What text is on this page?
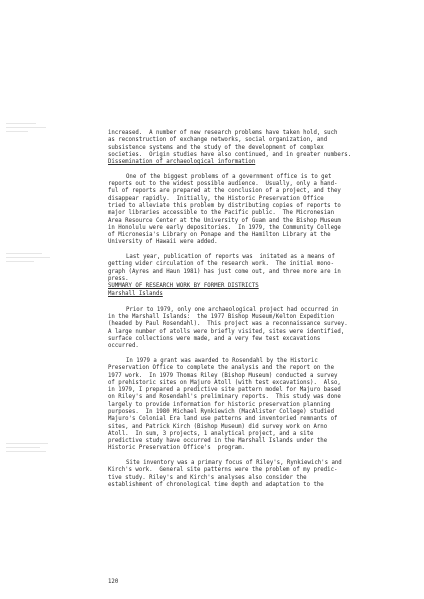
increased.  A number of new research problems have taken hold, such
as reconstruction of exchange networks, social organization, and
subsistence systems and the study of the development of complex
societies.  Origin studies have also continued, and in greater numbers.
Dissemination of archaeological information
One of the biggest problems of a government office is to get
reports out to the widest possible audience.  Usually, only a hand-
ful of reports are prepared at the conclusion of a project, and they
disappear rapidly.  Initially, the Historic Preservation Office
tried to alleviate this problem by distributing copies of reports to
major libraries accessible to the Pacific public.  The Micronesian
Area Resource Center at the University of Guam and the Bishop Museum
in Honolulu were early depositories.  In 1979, the Community College
of Micronesia's Library on Ponape and the Hamilton Library at the
University of Hawaii were added.
Last year, publication of reports was  initated as a means of
getting wider circulation of the research work.  The initial mono-
graph (Ayres and Haun 1981) has just come out, and three more are in
press.
SUMMARY OF RESEARCH WORK BY FORMER DISTRICTS
Marshall Islands
Prior to 1979, only one archaeological project had occurred in
in the Marshall Islands:  the 1977 Bishop Museum/Kelton Expedition
(headed by Paul Rosendahl).  This project was a reconnaissance survey.
A large number of atolls were briefly visited, sites were identified,
surface collections were made, and a very few test excavations
occurred.
In 1979 a grant was awarded to Rosendahl by the Historic
Preservation Office to complete the analysis and the report on the
1977 work.  In 1979 Thomas Riley (Bishop Museum) conducted a survey
of prehistoric sites on Majuro Atoll (with test excavations).  Also,
in 1979, I prepared a predictive site pattern model for Majuro based
on Riley's and Rosendahl's preliminary reports.  This study was done
largely to provide information for historic preservation planning
purposes.  In 1980 Michael Rynkiewich (MacAlister College) studied
Majuro's Colonial Era land use patterns and inventoried remnants of
sites, and Patrick Kirch (Bishop Museum) did survey work on Arno
Atoll.  In sum, 3 projects, 1 analytical project, and a site
predictive study have occurred in the Marshall Islands under the
Historic Preservation Office's  program.
Site inventory was a primary focus of Riley's, Rynkiewich's and
Kirch's work.  General site patterns were the problem of my predic-
tive study. Riley's and Kirch's analyses also consider the
establishment of chronological time depth and adaptation to the
120
